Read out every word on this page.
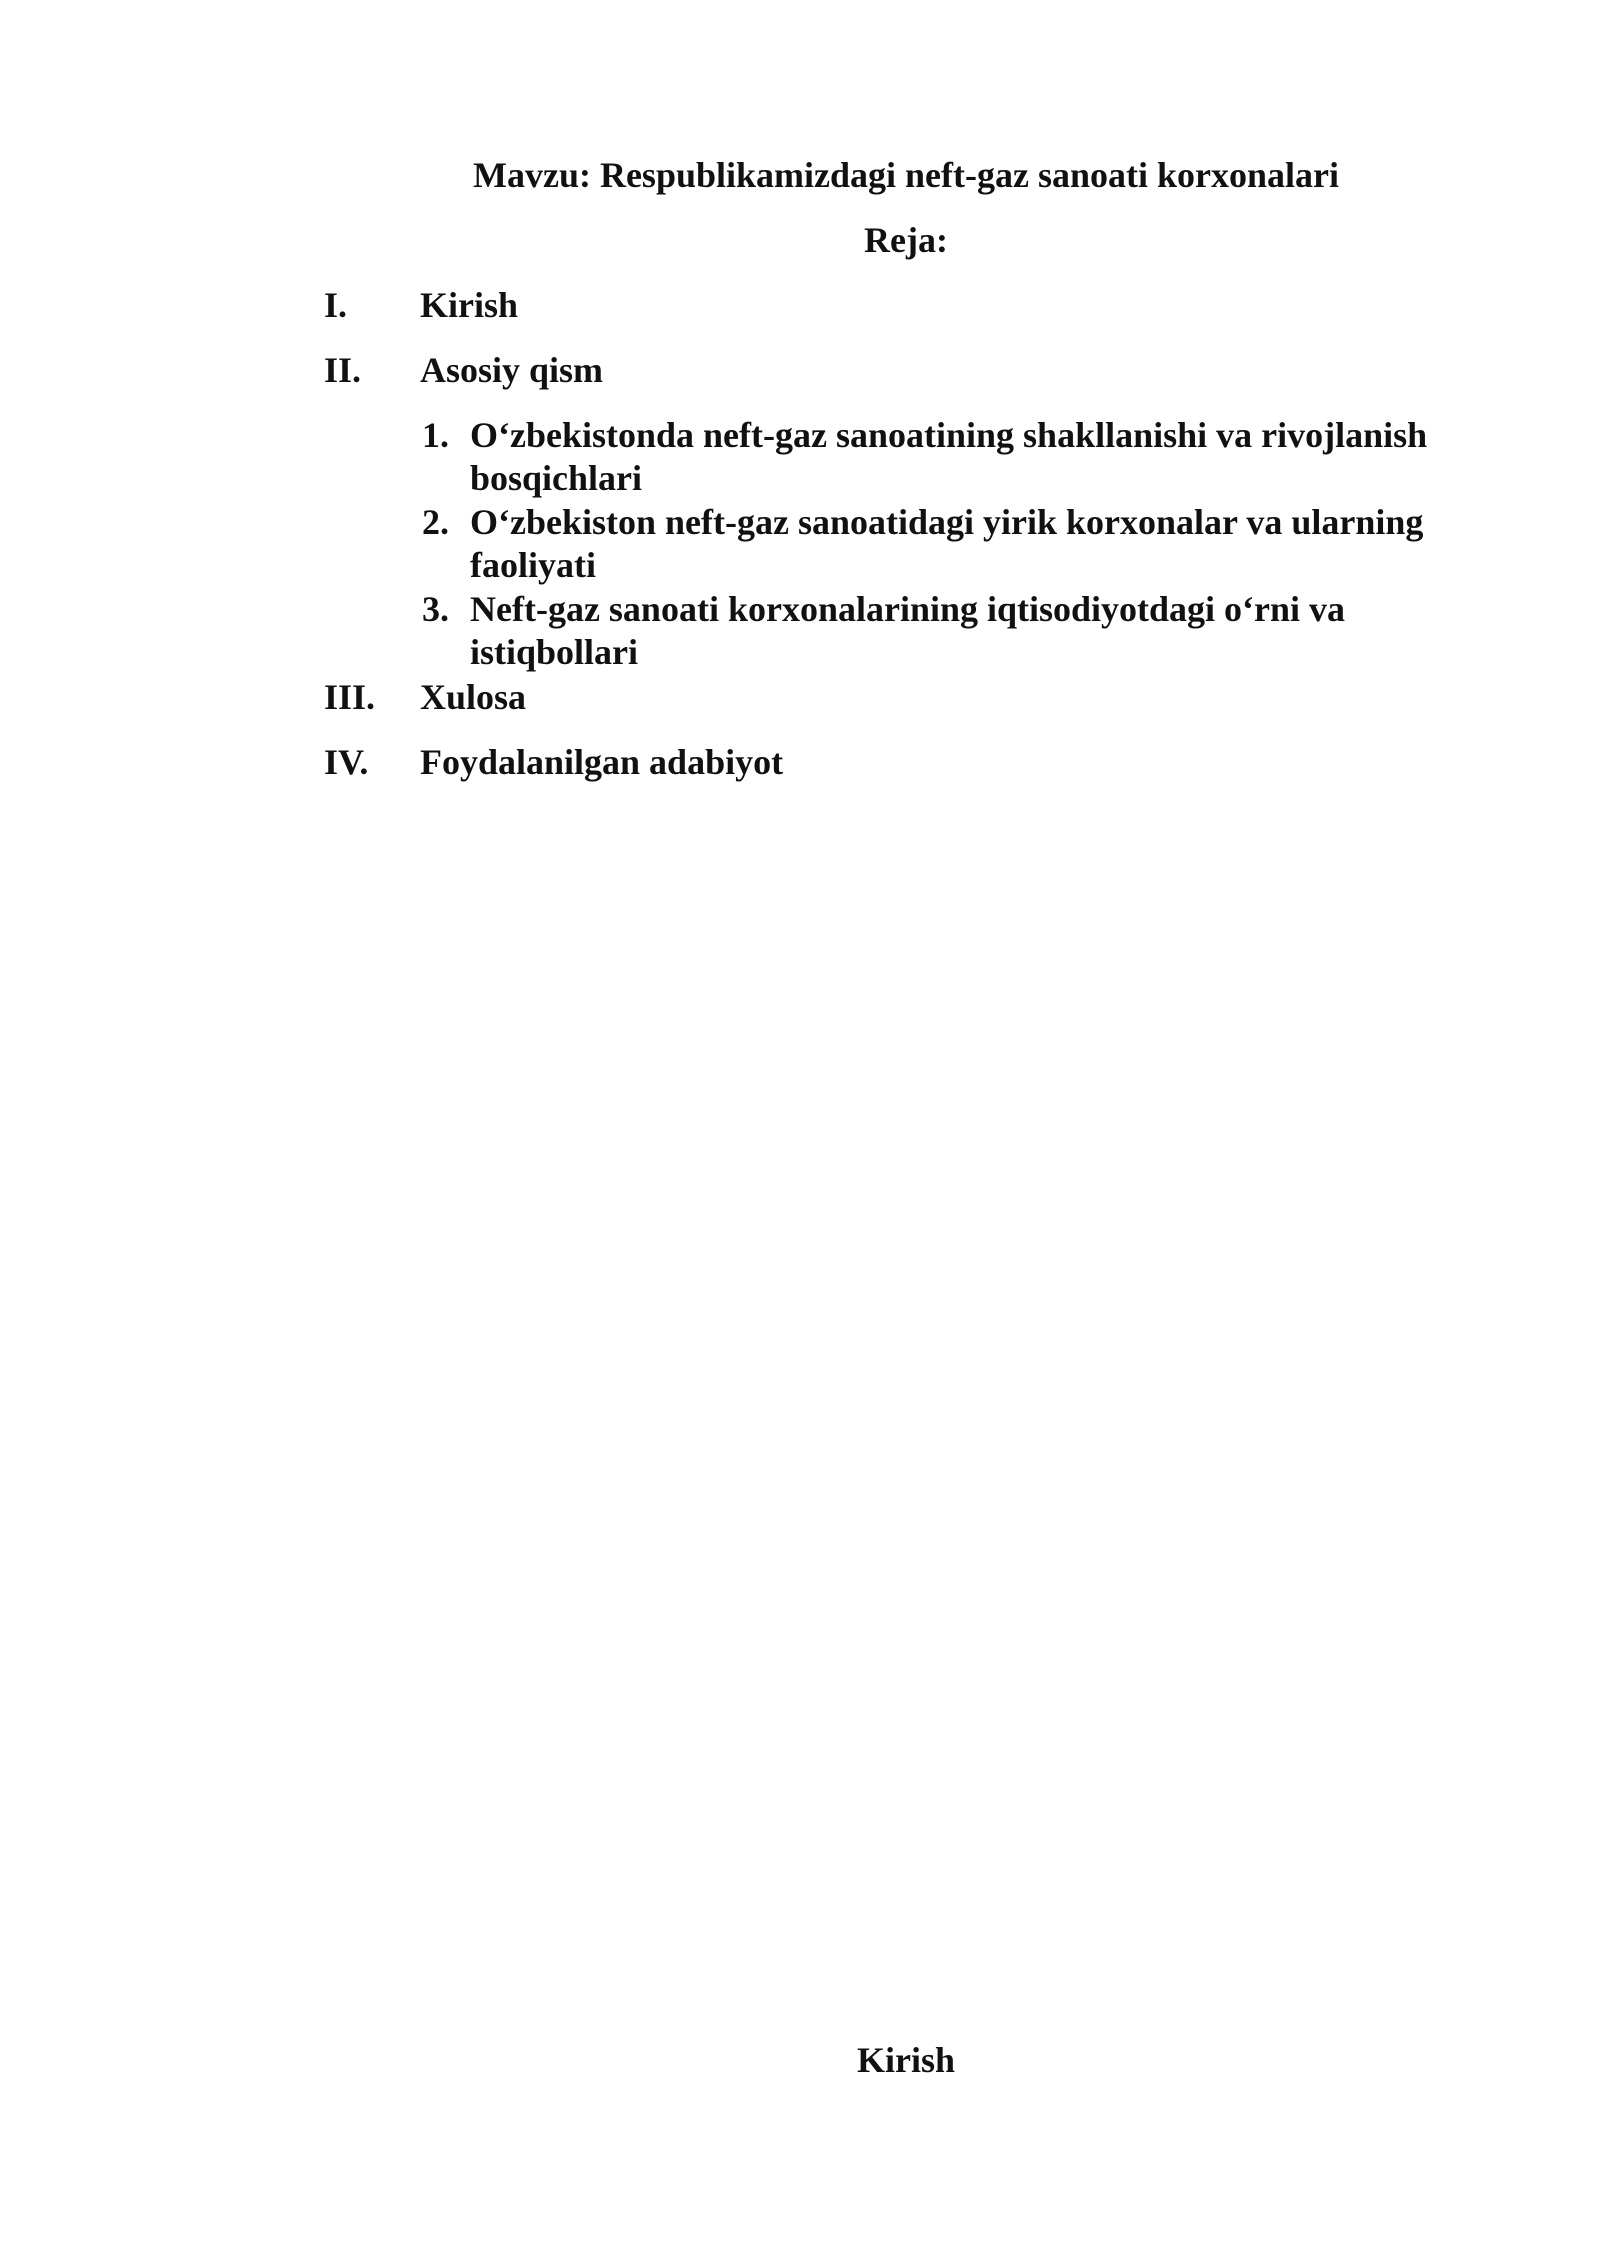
Mavzu: Respublikamizdagi neft-gaz sanoati korxonalari
Reja:
I. Kirish
II. Asosiy qism
1. O‘zbekistonda neft-gaz sanoatining shakllanishi va rivojlanish bosqichlari
2. O‘zbekiston neft-gaz sanoatidagi yirik korxonalar va ularning faoliyati
3. Neft-gaz sanoati korxonalarining iqtisodiyotdagi o‘rni va istiqbollari
III. Xulosa
IV. Foydalanilgan adabiyot
Kirish
